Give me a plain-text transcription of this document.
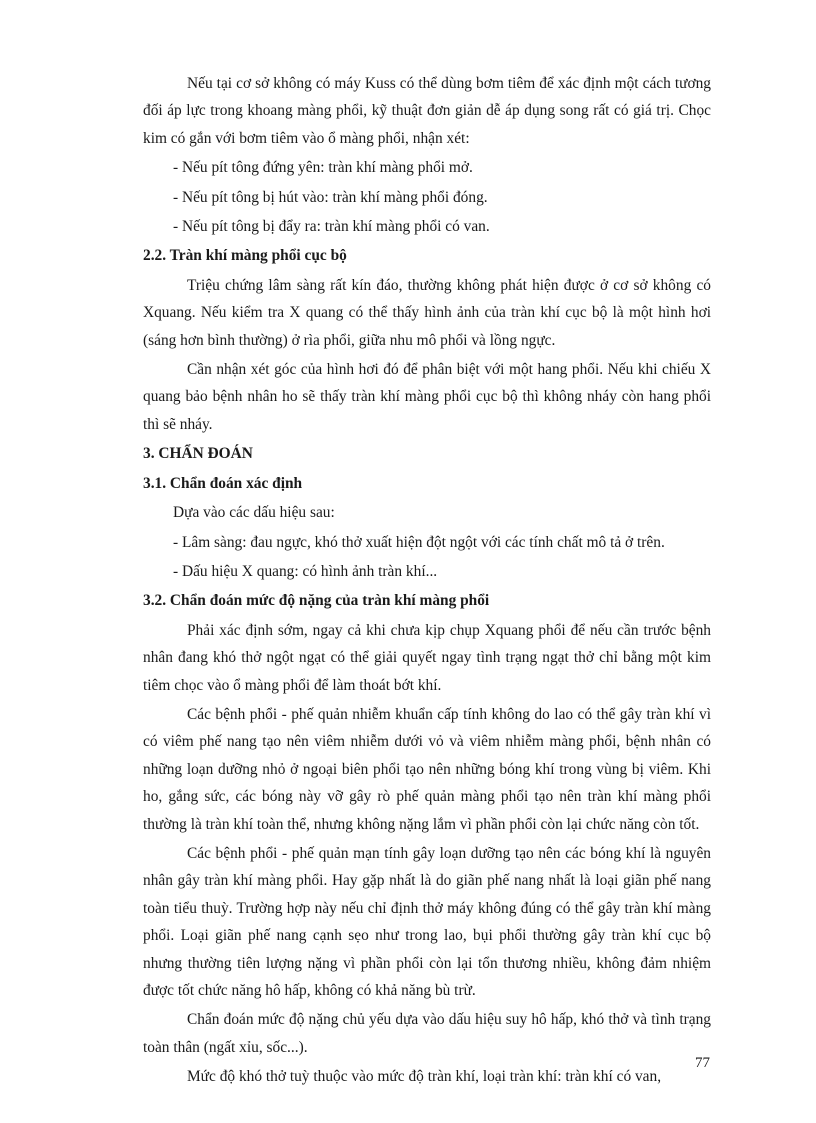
Nếu tại cơ sở không có máy Kuss có thể dùng bơm tiêm để xác định một cách tương đối áp lực trong khoang màng phổi, kỹ thuật đơn giản dễ áp dụng song rất có giá trị. Chọc kim có gắn với bơm tiêm vào ổ màng phổi, nhận xét:

- Nếu pít tông đứng yên: tràn khí màng phổi mở.

- Nếu pít tông bị hút vào: tràn khí màng phổi đóng.

- Nếu pít tông bị đẩy ra: tràn khí màng phổi có van.

2.2. Tràn khí màng phổi cục bộ

Triệu chứng lâm sàng rất kín đáo, thường không phát hiện được ở cơ sở không có Xquang. Nếu kiểm tra X quang có thể thấy hình ảnh của tràn khí cục bộ là một hình hơi (sáng hơn bình thường) ở rìa phổi, giữa nhu mô phổi và lồng ngực.

Cần nhận xét góc của hình hơi đó để phân biệt với một hang phổi. Nếu khi chiếu X quang bảo bệnh nhân ho sẽ thấy tràn khí màng phổi cục bộ thì không nháy còn hang phổi thì sẽ nháy.

3. CHẨN ĐOÁN

3.1. Chẩn đoán xác định

Dựa vào các dấu hiệu sau:

- Lâm sàng: đau ngực, khó thở xuất hiện đột ngột với các tính chất mô tả ở trên.

- Dấu hiệu X quang: có hình ảnh tràn khí...

3.2. Chẩn đoán mức độ nặng của tràn khí màng phổi

Phải xác định sớm, ngay cả khi chưa kịp chụp Xquang phổi để nếu cần trước bệnh nhân đang khó thở ngột ngạt có thể giải quyết ngay tình trạng ngạt thở chỉ bằng một kim tiêm chọc vào ổ màng phổi để làm thoát bớt khí.

Các bệnh phổi - phế quản nhiễm khuẩn cấp tính không do lao có thể gây tràn khí vì có viêm phế nang tạo nên viêm nhiễm dưới vỏ và viêm nhiễm màng phổi, bệnh nhân có những loạn dưỡng nhỏ ở ngoại biên phổi tạo nên những bóng khí trong vùng bị viêm. Khi ho, gắng sức, các bóng này vỡ gây rò phế quản màng phổi tạo nên tràn khí màng phổi thường là tràn khí toàn thể, nhưng không nặng lắm vì phần phổi còn lại chức năng còn tốt.

Các bệnh phổi - phế quản mạn tính gây loạn dưỡng tạo nên các bóng khí là nguyên nhân gây tràn khí màng phổi. Hay gặp nhất là do giãn phế nang nhất là loại giãn phế nang toàn tiểu thuỳ. Trường hợp này nếu chỉ định thở máy không đúng có thể gây tràn khí màng phổi. Loại giãn phế nang cạnh sẹo như trong lao, bụi phổi thường gây tràn khí cục bộ nhưng thường tiên lượng nặng vì phần phổi còn lại tổn thương nhiều, không đảm nhiệm được tốt chức năng hô hấp, không có khả năng bù trừ.

Chẩn đoán mức độ nặng chủ yếu dựa vào dấu hiệu suy hô hấp, khó thở và tình trạng toàn thân (ngất xỉu, sốc...).

Mức độ khó thở tuỳ thuộc vào mức độ tràn khí, loại tràn khí: tràn khí có van,

77
